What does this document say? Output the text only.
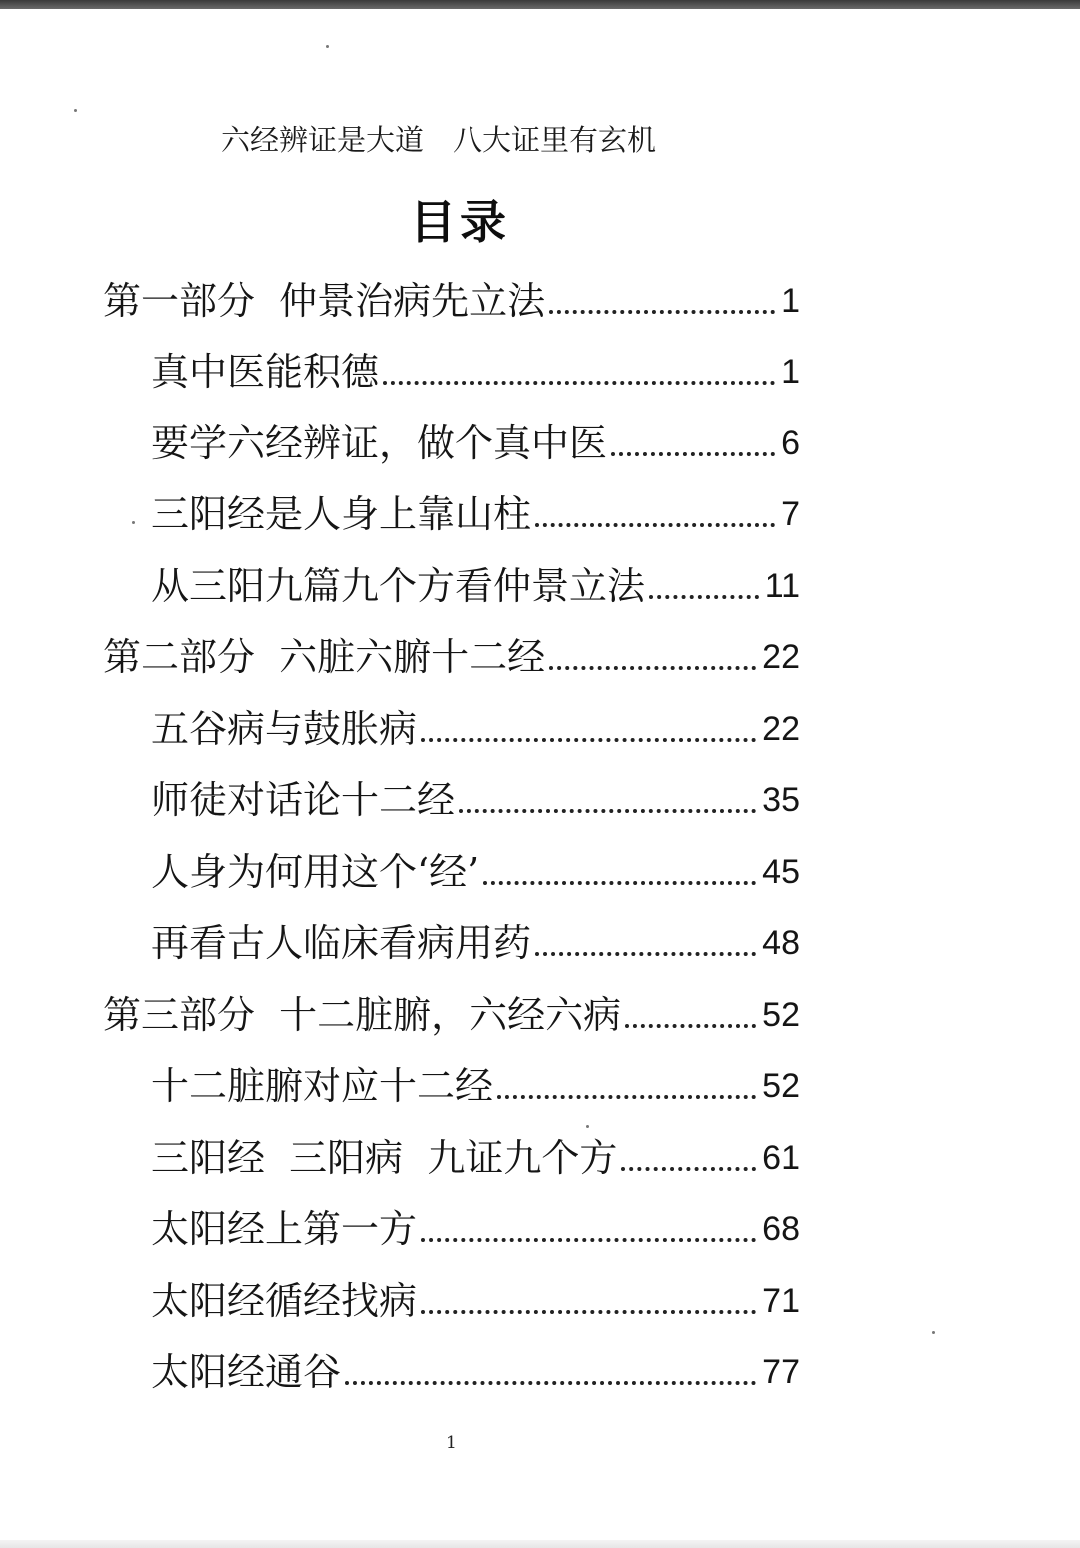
六经辨证是大道　八大证里有玄机
目录
第一部分  仲景治病先立法	1
真中医能积德	1
要学六经辨证，做个真中医	6
三阳经是人身上靠山柱	7
从三阳九篇九个方看仲景立法	11
第二部分  六脏六腑十二经	22
五谷病与鼓胀病	22
师徒对话论十二经	35
人身为何用这个‘经’	45
再看古人临床看病用药	48
第三部分  十二脏腑，六经六病	52
十二脏腑对应十二经	52
三阳经  三阳病  九证九个方	61
太阳经上第一方	68
太阳经循经找病	71
太阳经通谷	77
1
